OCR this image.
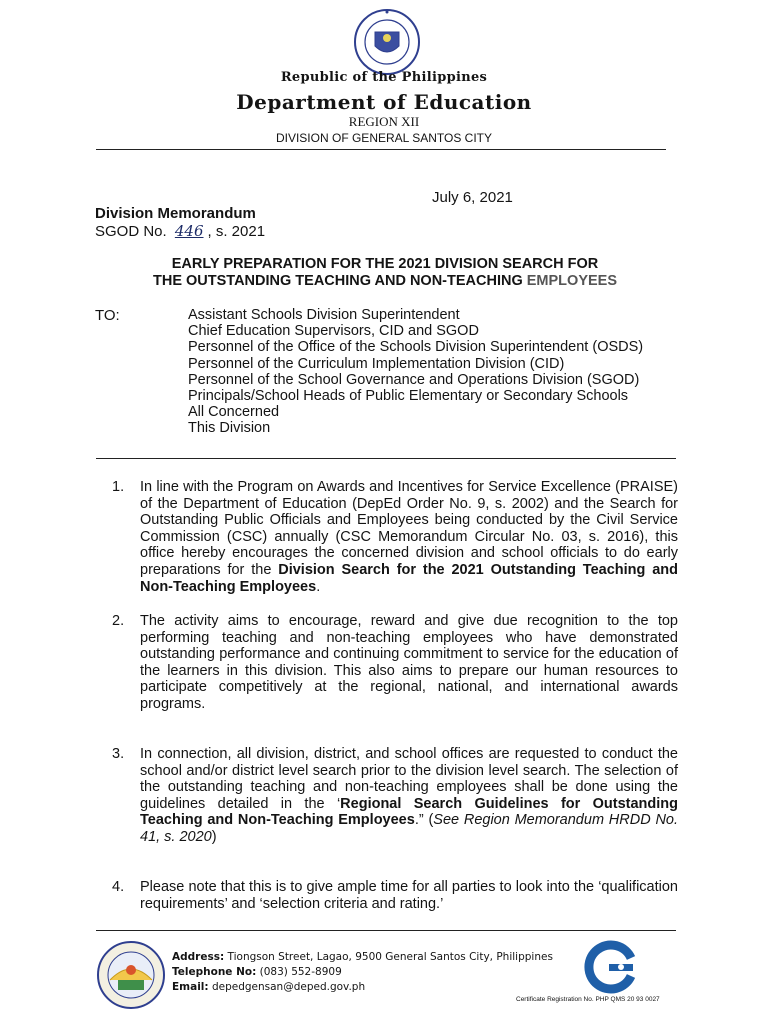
Republic of the Philippines
Department of Education
REGION XII
DIVISION OF GENERAL SANTOS CITY
July 6, 2021
Division Memorandum
SGOD No. 446 , s. 2021
EARLY PREPARATION FOR THE 2021 DIVISION SEARCH FOR
THE OUTSTANDING TEACHING AND NON-TEACHING EMPLOYEES
TO:	Assistant Schools Division Superintendent
Chief Education Supervisors, CID and SGOD
Personnel of the Office of the Schools Division Superintendent (OSDS)
Personnel of the Curriculum Implementation Division (CID)
Personnel of the School Governance and Operations Division (SGOD)
Principals/School Heads of Public Elementary or Secondary Schools
All Concerned
This Division
1. In line with the Program on Awards and Incentives for Service Excellence (PRAISE) of the Department of Education (DepEd Order No. 9, s. 2002) and the Search for Outstanding Public Officials and Employees being conducted by the Civil Service Commission (CSC) annually (CSC Memorandum Circular No. 03, s. 2016), this office hereby encourages the concerned division and school officials to do early preparations for the Division Search for the 2021 Outstanding Teaching and Non-Teaching Employees.
2. The activity aims to encourage, reward and give due recognition to the top performing teaching and non-teaching employees who have demonstrated outstanding performance and continuing commitment to service for the education of the learners in this division. This also aims to prepare our human resources to participate competitively at the regional, national, and international awards programs.
3. In connection, all division, district, and school offices are requested to conduct the school and/or district level search prior to the division level search. The selection of the outstanding teaching and non-teaching employees shall be done using the guidelines detailed in the ‘Regional Search Guidelines for Outstanding Teaching and Non-Teaching Employees.” (See Region Memorandum HRDD No. 41, s. 2020)
4. Please note that this is to give ample time for all parties to look into the ‘qualification requirements’ and ‘selection criteria and rating.’
Address: Tiongson Street, Lagao, 9500 General Santos City, Philippines
Telephone No: (083) 552-8909
Email: depedgensan@deped.gov.ph
Certificate Registration No. PHP QMS 20 93 0027
